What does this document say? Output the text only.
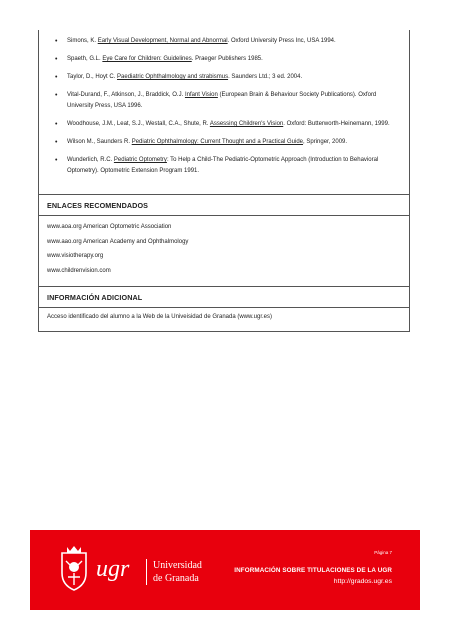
• Simons, K. Early Visual Development, Normal and Abnormal. Oxford University Press Inc, USA 1994.
• Spaeth, G.L. Eye Care for Children: Guidelines. Praeger Publishers 1985.
• Taylor, D., Hoyt C. Paediatric Ophthalmology and strabismus. Saunders Ltd.; 3 ed. 2004.
• Vital-Durand, F., Atkinson, J., Braddick, O.J. Infant Vision (European Brain & Behaviour Society Publications). Oxford University Press, USA 1996.
• Woodhouse, J.M., Leat, S.J., Westall, C.A., Shute, R. Assessing Children's Vision. Oxford: Butterworth-Heinemann, 1999.
• Wilson M., Saunders R. Pediatric Ophthalmology: Current Thought and a Practical Guide, Springer, 2009.
• Wunderlich, R.C. Pediatric Optometry: To Help a Child-The Pediatric-Optometric Approach (Introduction to Behavioral Optometry). Optometric Extension Program 1991.
ENLACES RECOMENDADOS
www.aoa.org American Optometric Association
www.aao.org American Academy and Ophthalmology
www.visiotherapy.org
www.childrenvision.com
INFORMACIÓN ADICIONAL
Acceso identificado del alumno a la Web de la Univeisidad de Granada (www.ugr.es)
ugr Universidad
de Granada
Página 7
INFORMACIÓN SOBRE TITULACIONES DE LA UGR
http://grados.ugr.es
